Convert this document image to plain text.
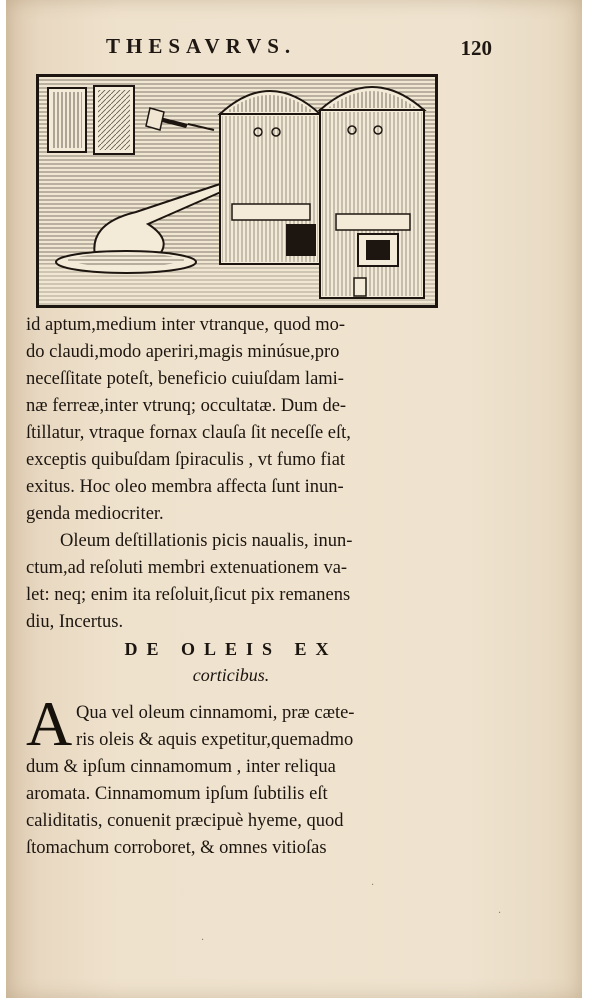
THESAVRVS.	120
id aptum,medium inter vtranque, quod mo-
do claudi,modo aperiri,magis minúsue,pro
neceſſitate poteſt, beneficio cuiuſdam lami-
næ ferreæ,inter vtrunq; occultatæ. Dum de-
ſtillatur, vtraque fornax clauſa ſit neceſſe eſt,
exceptis quibuſdam ſpiraculis , vt fumo fiat
exitus. Hoc oleo membra affecta ſunt inun-
genda mediocriter.
Oleum deſtillationis picis naualis, inun-
ctum,ad reſoluti membri extenuationem va-
let: neq; enim ita reſoluit,ſicut pix remanens
diu, Incertus.
DE OLEIS EX
corticibus.
A Qua vel oleum cinnamomi, præ cæte-
ris oleis & aquis expetitur,quemadmo
dum & ipſum cinnamomum , inter reliqua
aromata. Cinnamomum ipſum ſubtilis eſt
caliditatis, conuenit præcipuè hyeme, quod
ſtomachum corroboret, & omnes vitioſas
·
·
·
